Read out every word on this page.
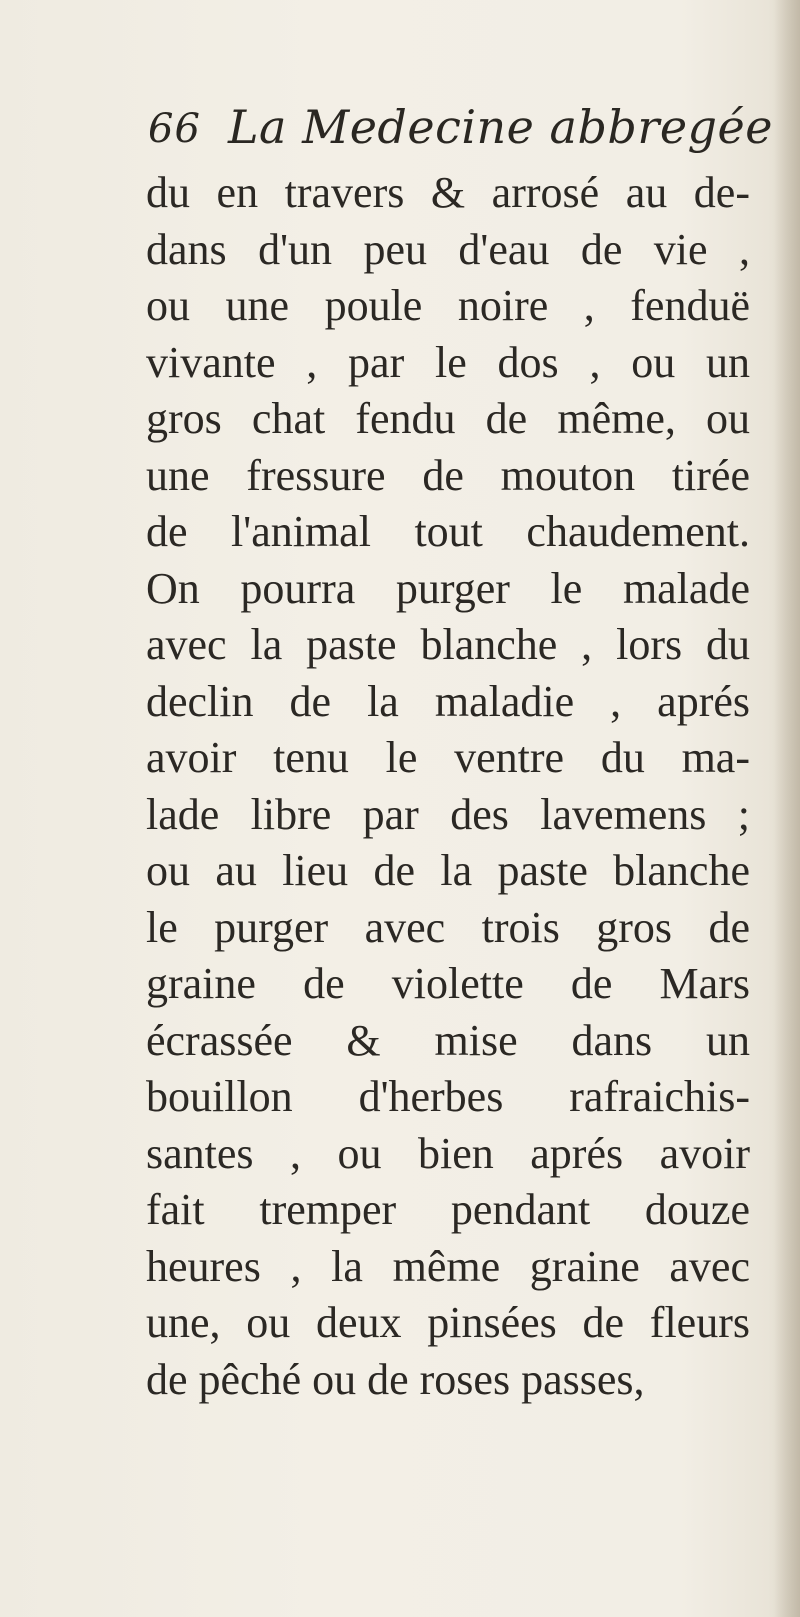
66 La Medecine abbregée
du en travers & arrosé au de-
dans d'un peu d'eau de vie ,
ou une poule noire , fenduë
vivante , par le dos , ou un
gros chat fendu de même, ou
une fressure de mouton tirée
de l'animal tout chaudement.
On pourra purger le malade
avec la paste blanche , lors du
declin de la maladie , aprés
avoir tenu le ventre du ma-
lade libre par des lavemens ;
ou au lieu de la paste blanche
le purger avec trois gros de
graine de violette de Mars
écrassée & mise dans un
bouillon d'herbes rafraichis-
santes , ou bien aprés avoir
fait tremper pendant douze
heures , la même graine avec
une, ou deux pinsées de fleurs
de pêché ou de roses passes,
